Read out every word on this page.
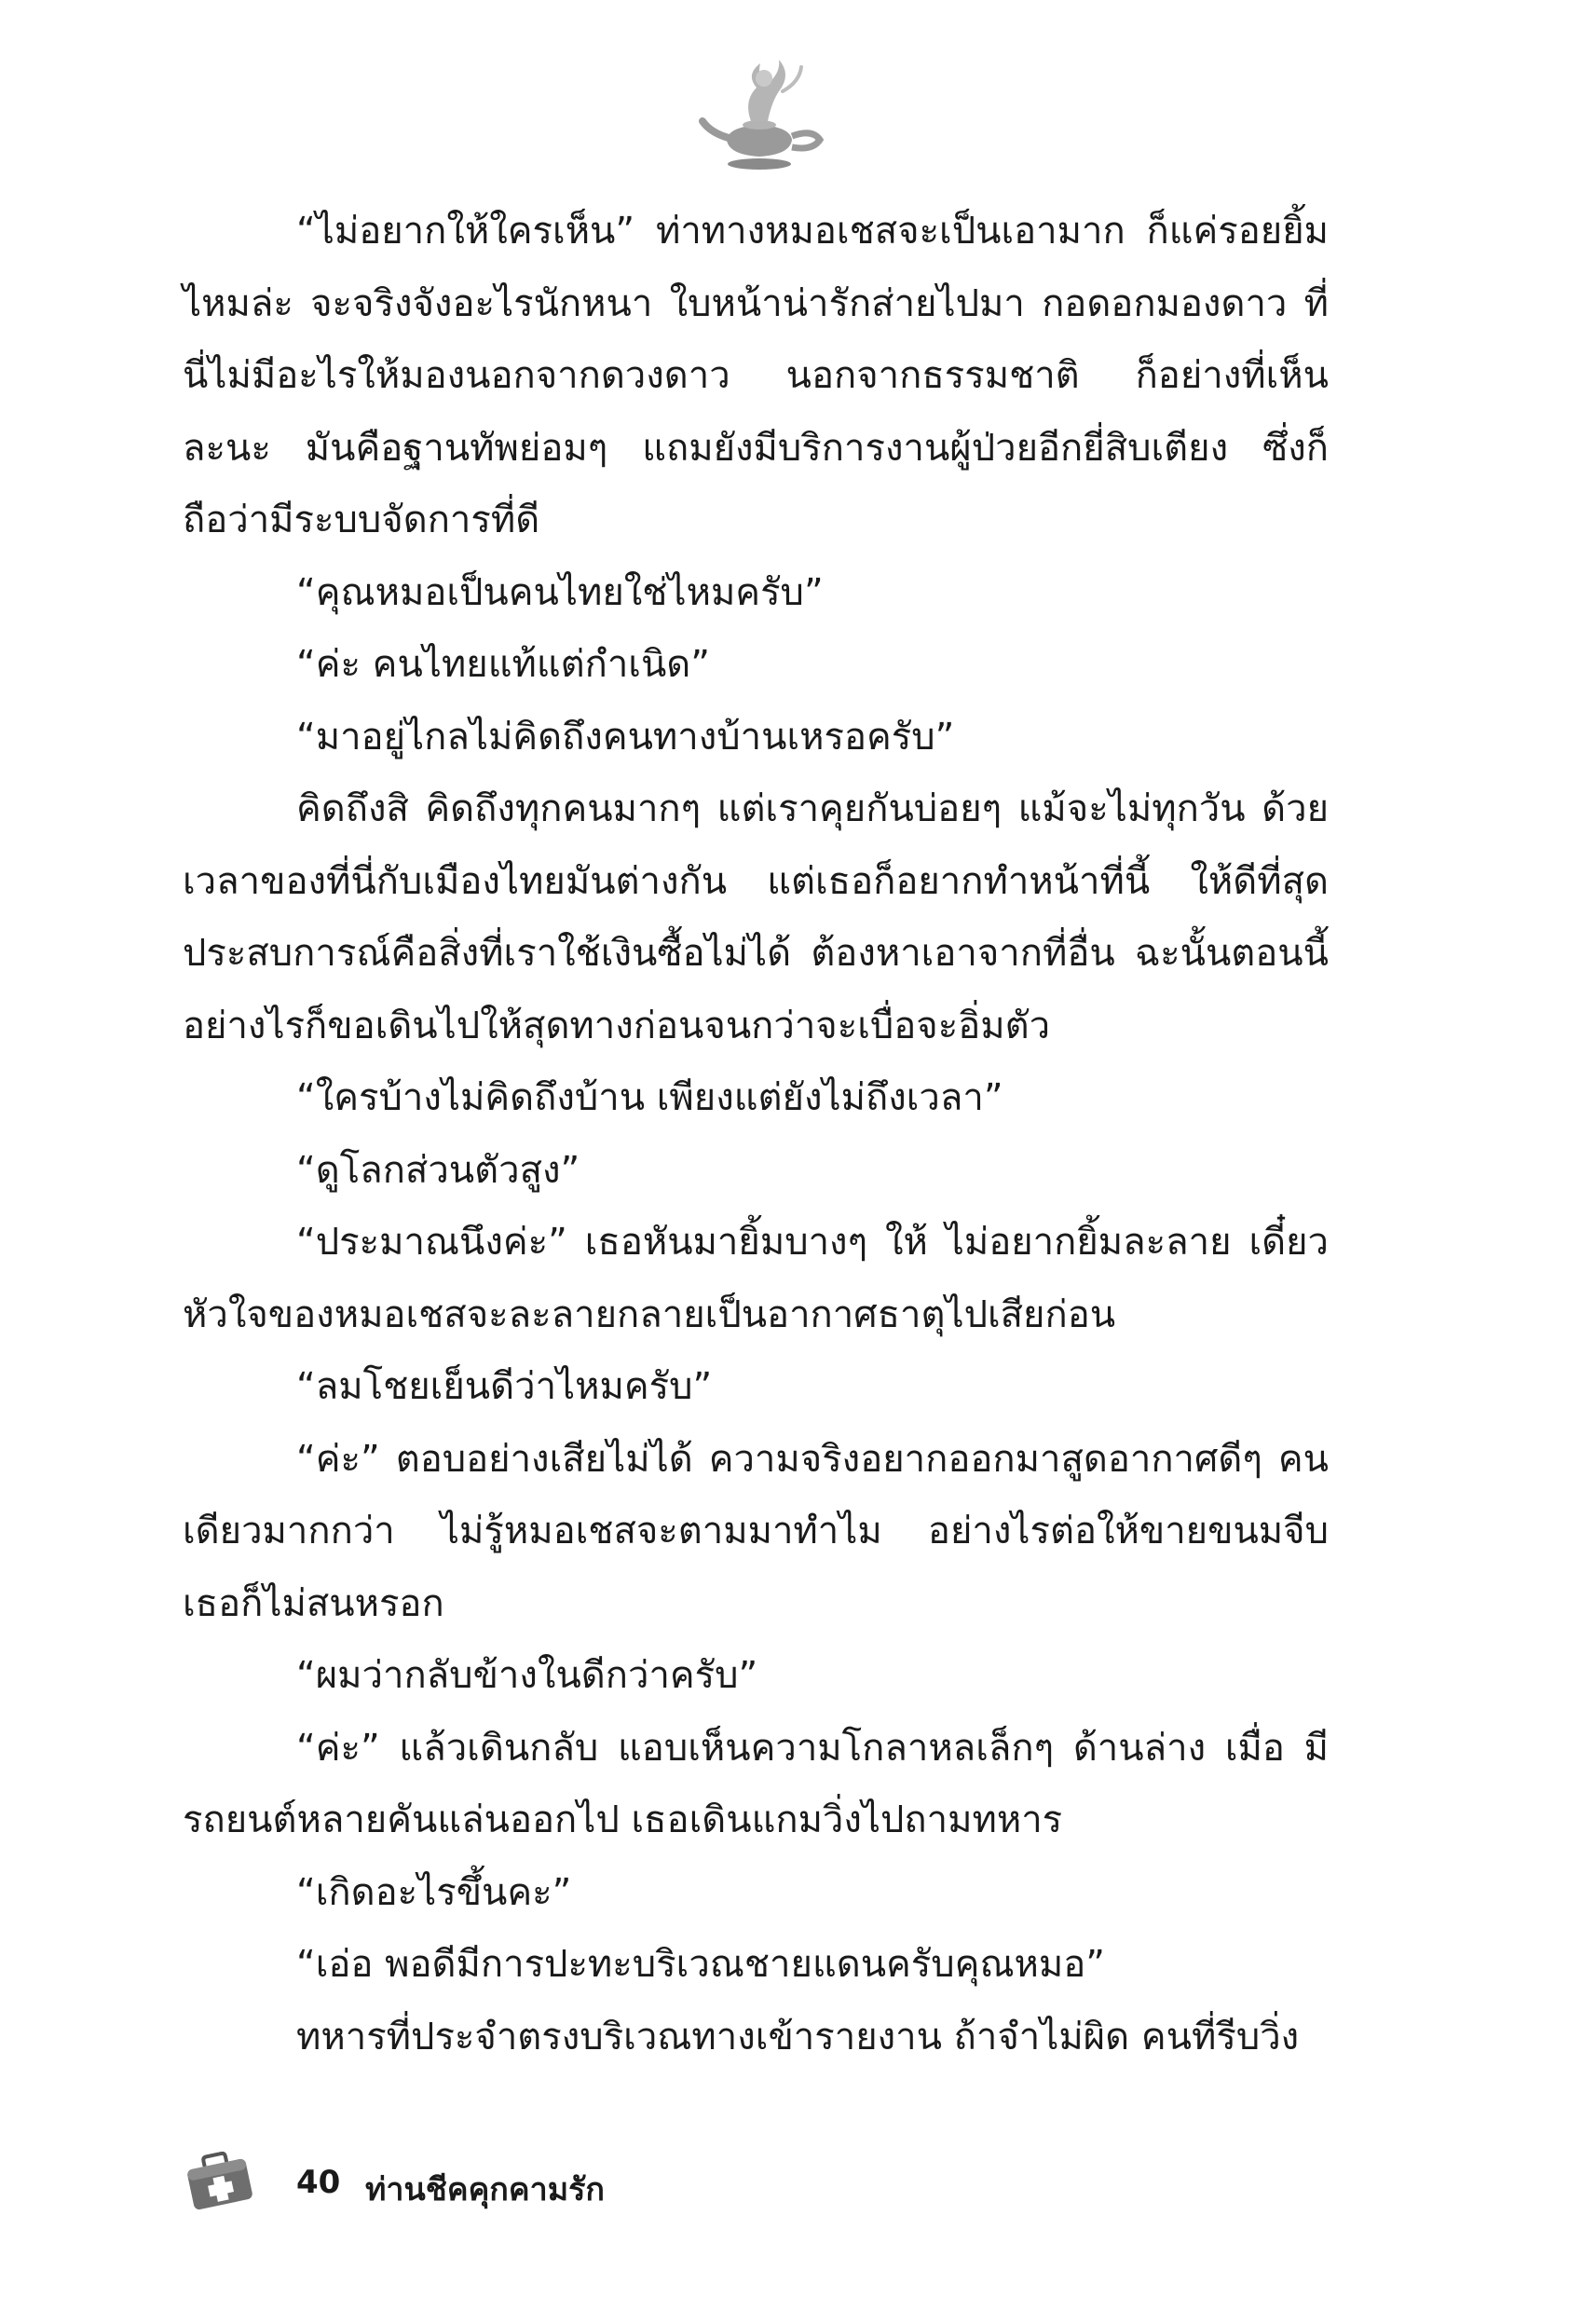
“ไม่อยากให้ใครเห็น” ท่าทางหมอเชสจะเป็นเอามาก ก็แค่รอยยิ้ม ไหมล่ะ จะจริงจังอะไรนักหนา ใบหน้าน่ารักส่ายไปมา กอดอกมองดาว ที่นี่ไม่มีอะไรให้มองนอกจากดวงดาว นอกจากธรรมชาติ ก็อย่างที่เห็น ละนะ มันคือฐานทัพย่อมๆ แถมยังมีบริการงานผู้ป่วยอีกยี่สิบเตียง ซึ่งก็ถือว่ามีระบบจัดการที่ดี

“คุณหมอเป็นคนไทยใช่ไหมครับ”

“ค่ะ คนไทยแท้แต่กำเนิด”

“มาอยู่ไกลไม่คิดถึงคนทางบ้านเหรอครับ”

คิดถึงสิ คิดถึงทุกคนมากๆ แต่เราคุยกันบ่อยๆ แม้จะไม่ทุกวัน ด้วยเวลาของที่นี่กับเมืองไทยมันต่างกัน แต่เธอก็อยากทำหน้าที่นี้ ให้ดีที่สุด ประสบการณ์คือสิ่งที่เราใช้เงินซื้อไม่ได้ ต้องหาเอาจากที่อื่น ฉะนั้นตอนนี้อย่างไรก็ขอเดินไปให้สุดทางก่อนจนกว่าจะเบื่อจะอิ่มตัว

“ใครบ้างไม่คิดถึงบ้าน เพียงแต่ยังไม่ถึงเวลา”

“ดูโลกส่วนตัวสูง”

“ประมาณนึงค่ะ” เธอหันมายิ้มบางๆ ให้ ไม่อยากยิ้มละลาย เดี๋ยวหัวใจของหมอเชสจะละลายกลายเป็นอากาศธาตุไปเสียก่อน

“ลมโชยเย็นดีว่าไหมครับ”

“ค่ะ” ตอบอย่างเสียไม่ได้ ความจริงอยากออกมาสูดอากาศดีๆ คนเดียวมากกว่า ไม่รู้หมอเชสจะตามมาทำไม อย่างไรต่อให้ขายขนมจีบ เธอก็ไม่สนหรอก

“ผมว่ากลับข้างในดีกว่าครับ”

“ค่ะ” แล้วเดินกลับ แอบเห็นความโกลาหลเล็กๆ ด้านล่าง เมื่อ มีรถยนต์หลายคันแล่นออกไป เธอเดินแกมวิ่งไปถามทหาร

“เกิดอะไรขึ้นคะ”

“เอ่อ พอดีมีการปะทะบริเวณชายแดนครับคุณหมอ”

ทหารที่ประจำตรงบริเวณทางเข้ารายงาน ถ้าจำไม่ผิด คนที่รีบวิ่ง

40 ท่านชีคคุกคามรัก
